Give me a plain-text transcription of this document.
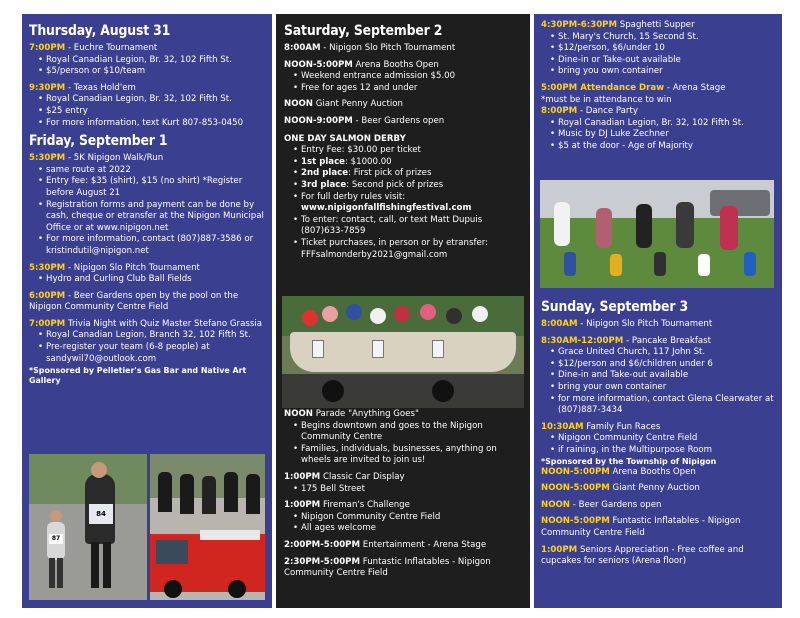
Thursday, August 31
7:00PM - Euchre Tournament
• Royal Canadian Legion, Br. 32, 102 Fifth St.
• $5/person or $10/team
9:30PM - Texas Hold'em
• Royal Canadian Legion, Br. 32, 102 Fifth St.
• $25 entry
• For more information, text Kurt 807-853-0450
Friday, September 1
5:30PM - 5K Nipigon Walk/Run
• same route at 2022
• Entry fee: $35 (shirt), $15 (no shirt) *Register before August 21
• Registration forms and payment can be done by cash, cheque or etransfer at the Nipigon Municipal Office or at www.nipigon.net
• For more information, contact (807)887-3586 or kristindutil@nipigon.net
5:30PM - Nipigon Slo Pitch Tournament
• Hydro and Curling Club Ball Fields
6:00PM - Beer Gardens open by the pool on the Nipigon Community Centre Field
7:00PM Trivia Night with Quiz Master Stefano Grassia
• Royal Canadian Legion, Branch 32, 102 Fifth St.
• Pre-register your team (6-8 people) at sandywil70@outlook.com
*Sponsored by Pelletier's Gas Bar and Native Art Gallery
84
87
Saturday, September 2
8:00AM - Nipigon Slo Pitch Tournament
NOON-5:00PM Arena Booths Open
• Weekend entrance admission $5.00
• Free for ages 12 and under
NOON Giant Penny Auction
NOON-9:00PM - Beer Gardens open
ONE DAY SALMON DERBY
• Entry Fee: $30.00 per ticket
• 1st place: $1000.00
• 2nd place: First pick of prizes
• 3rd place: Second pick of prizes
• For full derby rules visit:
www.nipigonfallfishingfestival.com
• To enter: contact, call, or text Matt Dupuis (807)633-7859
• Ticket purchases, in person or by etransfer: FFFsalmonderby2021@gmail.com
NOON Parade "Anything Goes"
• Begins downtown and goes to the Nipigon Community Centre
• Families, individuals, businesses, anything on wheels are invited to join us!
1:00PM Classic Car Display
• 175 Bell Street
1:00PM Fireman's Challenge
• Nipigon Community Centre Field
• All ages welcome
2:00PM-5:00PM Entertainment - Arena Stage
2:30PM-5:00PM Funtastic Inflatables - Nipigon Community Centre Field
4:30PM-6:30PM Spaghetti Supper
• St. Mary's Church, 15 Second St.
• $12/person, $6/under 10
• Dine-in or Take-out available
• bring you own container
5:00PM Attendance Draw - Arena Stage
*must be in attendance to win
8:00PM - Dance Party
• Royal Canadian Legion, Br. 32, 102 Fifth St.
• Music by DJ Luke Zechner
• $5 at the door - Age of Majority
Sunday, September 3
8:00AM - Nipigon Slo Pitch Tournament
8:30AM-12:00PM - Pancake Breakfast
• Grace United Church, 117 John St.
• $12/person and $6/children under 6
• Dine-in and Take-out available
• bring your own container
• for more information, contact Glena Clearwater at (807)887-3434
10:30AM Family Fun Races
• Nipigon Community Centre Field
• if raining, in the Multipurpose Room
*Sponsored by the Township of Nipigon
NOON-5:00PM Arena Booths Open
NOON-5:00PM Giant Penny Auction
NOON - Beer Gardens open
NOON-5:00PM Funtastic Inflatables - Nipigon Community Centre Field
1:00PM Seniors Appreciation - Free coffee and cupcakes for seniors (Arena floor)
